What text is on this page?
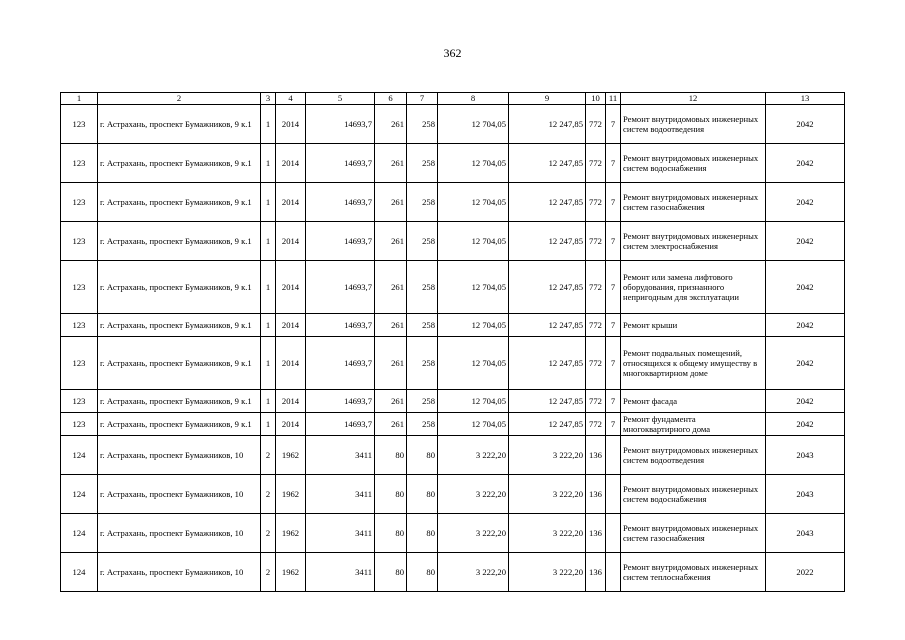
362
1	2	3	4	5	6	7	8	9	10	11	12	13
123	г. Астрахань, проспект Бумажников, 9 к.1	1	2014	14693,7	261	258	12 704,05	12 247,85	772	7	Ремонт внутридомовых инженерных систем водоотведения	2042
123	г. Астрахань, проспект Бумажников, 9 к.1	1	2014	14693,7	261	258	12 704,05	12 247,85	772	7	Ремонт внутридомовых инженерных систем водоснабжения	2042
123	г. Астрахань, проспект Бумажников, 9 к.1	1	2014	14693,7	261	258	12 704,05	12 247,85	772	7	Ремонт внутридомовых инженерных систем газоснабжения	2042
123	г. Астрахань, проспект Бумажников, 9 к.1	1	2014	14693,7	261	258	12 704,05	12 247,85	772	7	Ремонт внутридомовых инженерных систем электроснабжения	2042
123	г. Астрахань, проспект Бумажников, 9 к.1	1	2014	14693,7	261	258	12 704,05	12 247,85	772	7	Ремонт или замена лифтового оборудования, признанного непригодным для эксплуатации	2042
123	г. Астрахань, проспект Бумажников, 9 к.1	1	2014	14693,7	261	258	12 704,05	12 247,85	772	7	Ремонт крыши	2042
123	г. Астрахань, проспект Бумажников, 9 к.1	1	2014	14693,7	261	258	12 704,05	12 247,85	772	7	Ремонт подвальных помещений, относящихся к общему имуществу в многоквартирном доме	2042
123	г. Астрахань, проспект Бумажников, 9 к.1	1	2014	14693,7	261	258	12 704,05	12 247,85	772	7	Ремонт фасада	2042
123	г. Астрахань, проспект Бумажников, 9 к.1	1	2014	14693,7	261	258	12 704,05	12 247,85	772	7	Ремонт фундамента многоквартирного дома	2042
124	г. Астрахань, проспект Бумажников, 10	2	1962	3411	80	80	3 222,20	3 222,20	136		Ремонт внутридомовых инженерных систем водоотведения	2043
124	г. Астрахань, проспект Бумажников, 10	2	1962	3411	80	80	3 222,20	3 222,20	136		Ремонт внутридомовых инженерных систем водоснабжения	2043
124	г. Астрахань, проспект Бумажников, 10	2	1962	3411	80	80	3 222,20	3 222,20	136		Ремонт внутридомовых инженерных систем газоснабжения	2043
124	г. Астрахань, проспект Бумажников, 10	2	1962	3411	80	80	3 222,20	3 222,20	136		Ремонт внутридомовых инженерных систем теплоснабжения	2022
